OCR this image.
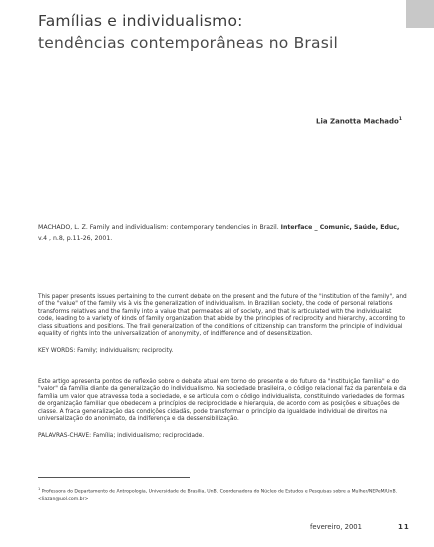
Famílias e individualismo:
tendências contemporâneas no Brasil
Lia Zanotta Machado$^1$
MACHADO, L. Z. Family and individualism: contemporary tendencies in Brazil. Interface _ Comunic, Saúde, Educ,
v.4 , n.8, p.11-26, 2001.
This paper presents issues pertaining to the current debate on the present and the future of the "institution of the family", and of the "value" of the family vis à vis the generalization of individualism. In Brazilian society, the code of personal relations transforms relatives and the family into a value that permeates all of society, and that is articulated with the individualist code, leading to a variety of kinds of family organization that abide by the principles of reciprocity and hierarchy, according to class situations and positions. The frail generalization of the conditions of citizenship can transform the principle of individual equality of rights into the universalization of anonymity, of indifference and of desensitization.
KEY WORDS: Family; individualism; reciprocity.
Este artigo apresenta pontos de reflexão sobre o debate atual em torno do presente e do futuro da "instituição família" e do "valor" da família diante da generalização do individualismo. Na sociedade brasileira, o código relacional faz da parentela e da família um valor que atravessa toda a sociedade, e se articula com o código individualista, constituindo variedades de formas de organização familiar que obedecem a princípios de reciprocidade e hierarquia, de acordo com as posições e situações de classe. A fraca generalização das condições cidadãs, pode transformar o princípio da igualdade individual de direitos na universalização do anonimato, da indiferença e da dessensibilização.
PALAVRAS-CHAVE: Família; individualismo; reciprocidade.
$^1$ Professora do Departamento de Antropologia, Universidade de Brasília, UnB. Coordenadora do Núcleo de Estudos e Pesquisas sobre a Mulher/NEPeM/UnB. <liazan@uol.com.br>
fevereiro, 2001	11
